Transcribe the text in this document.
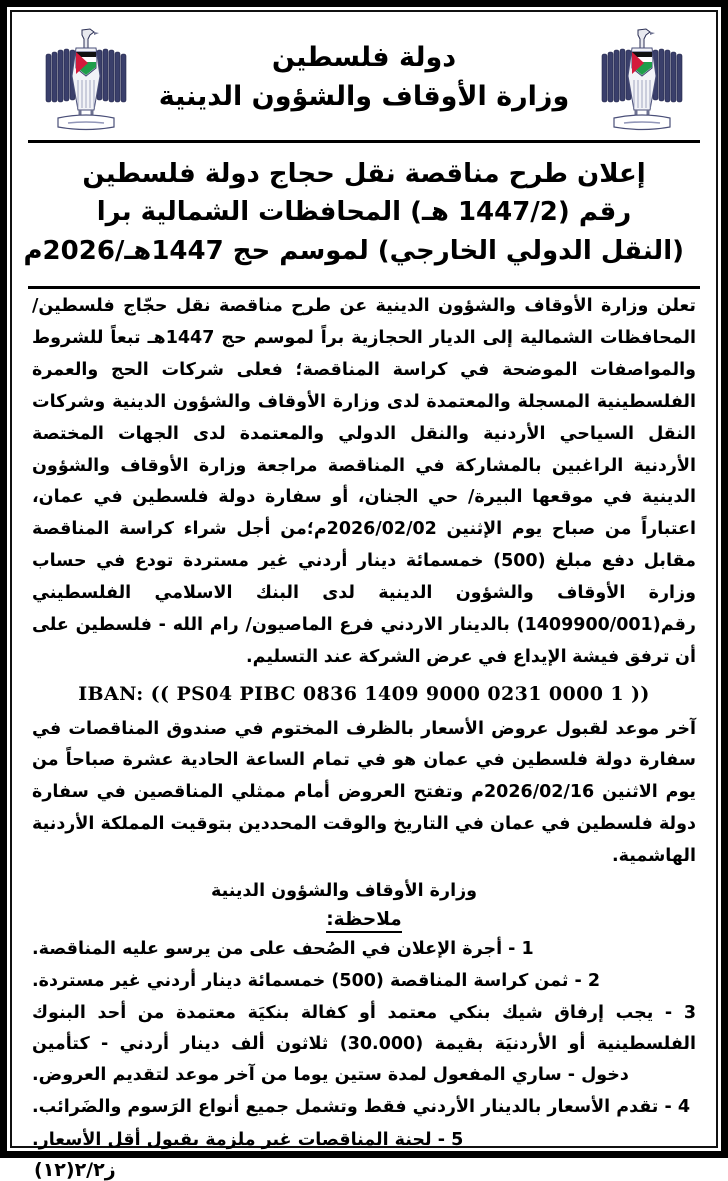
دولة فلسطين
وزارة الأوقاف والشؤون الدينية
إعلان طرح مناقصة نقل حجاج دولة فلسطين
رقم (1447/2 هـ) المحافظات الشمالية برا
(النقل الدولي الخارجي) لموسم حج 1447هـ/2026م

تعلن وزارة الأوقاف والشؤون الدينية عن طرح مناقصة نقل حجّاج فلسطين/ المحافظات الشمالية إلى الديار الحجازية براً لموسم حج 1447هـ تبعاً للشروط والمواصفات الموضحة في كراسة المناقصة؛ فعلى شركات الحج والعمرة الفلسطينية المسجلة والمعتمدة لدى وزارة الأوقاف والشؤون الدينية وشركات النقل السياحي الأردنية والنقل الدولي والمعتمدة لدى الجهات المختصة الأردنية الراغبين بالمشاركة في المناقصة مراجعة وزارة الأوقاف والشؤون الدينية في موقعها البيرة/ حي الجنان، أو سفارة دولة فلسطين في عمان، اعتباراً من صباح يوم الإثنين 2026/02/02م؛من أجل شراء كراسة المناقصة مقابل دفع مبلغ (500) خمسمائة دينار أردني غير مستردة تودع في حساب وزارة الأوقاف والشؤون الدينية لدى البنك الاسلامي الفلسطيني رقم(1409900/001) بالدينار الاردني فرع الماصيون/ رام الله - فلسطين على أن ترفق فيشة الإيداع في عرض الشركة عند التسليم.

IBAN: (( PS04 PIBC 0836 1409 9000 0231 0000 1 ))

آخر موعد لقبول عروض الأسعار بالظرف المختوم في صندوق المناقصات في سفارة دولة فلسطين في عمان هو في تمام الساعة الحادية عشرة صباحاً من يوم الاثنين 2026/02/16م وتفتح العروض أمام ممثلي المناقصين في سفارة دولة فلسطين في عمان في التاريخ والوقت المحددين بتوقيت المملكة الأردنية الهاشمية.

وزارة الأوقاف والشؤون الدينية
ملاحظة:
1 - أجرة الإعلان في الصُحف على من يرسو عليه المناقصة.
2 - ثمن كراسة المناقصة (500) خمسمائة دينار أردني غير مستردة.
3 - يجب إرفاق شيك بنكي معتمد أو كفالة بنكيَة معتمدة من أحد البنوك الفلسطينية أو الأردنيَة بقيمة (30.000) ثلاثون ألف دينار أردني - كتأمين دخول - ساري المفعول لمدة ستين يوما من آخر موعد لتقديم العروض.
4 - تقدم الأسعار بالدينار الأردني فقط وتشمل جميع أنواع الرَسوم والضَرائب.
5 - لجنة المناقصات غير ملزمة بقبول أقل الأسعار.
ز٢/٢(١٢)
